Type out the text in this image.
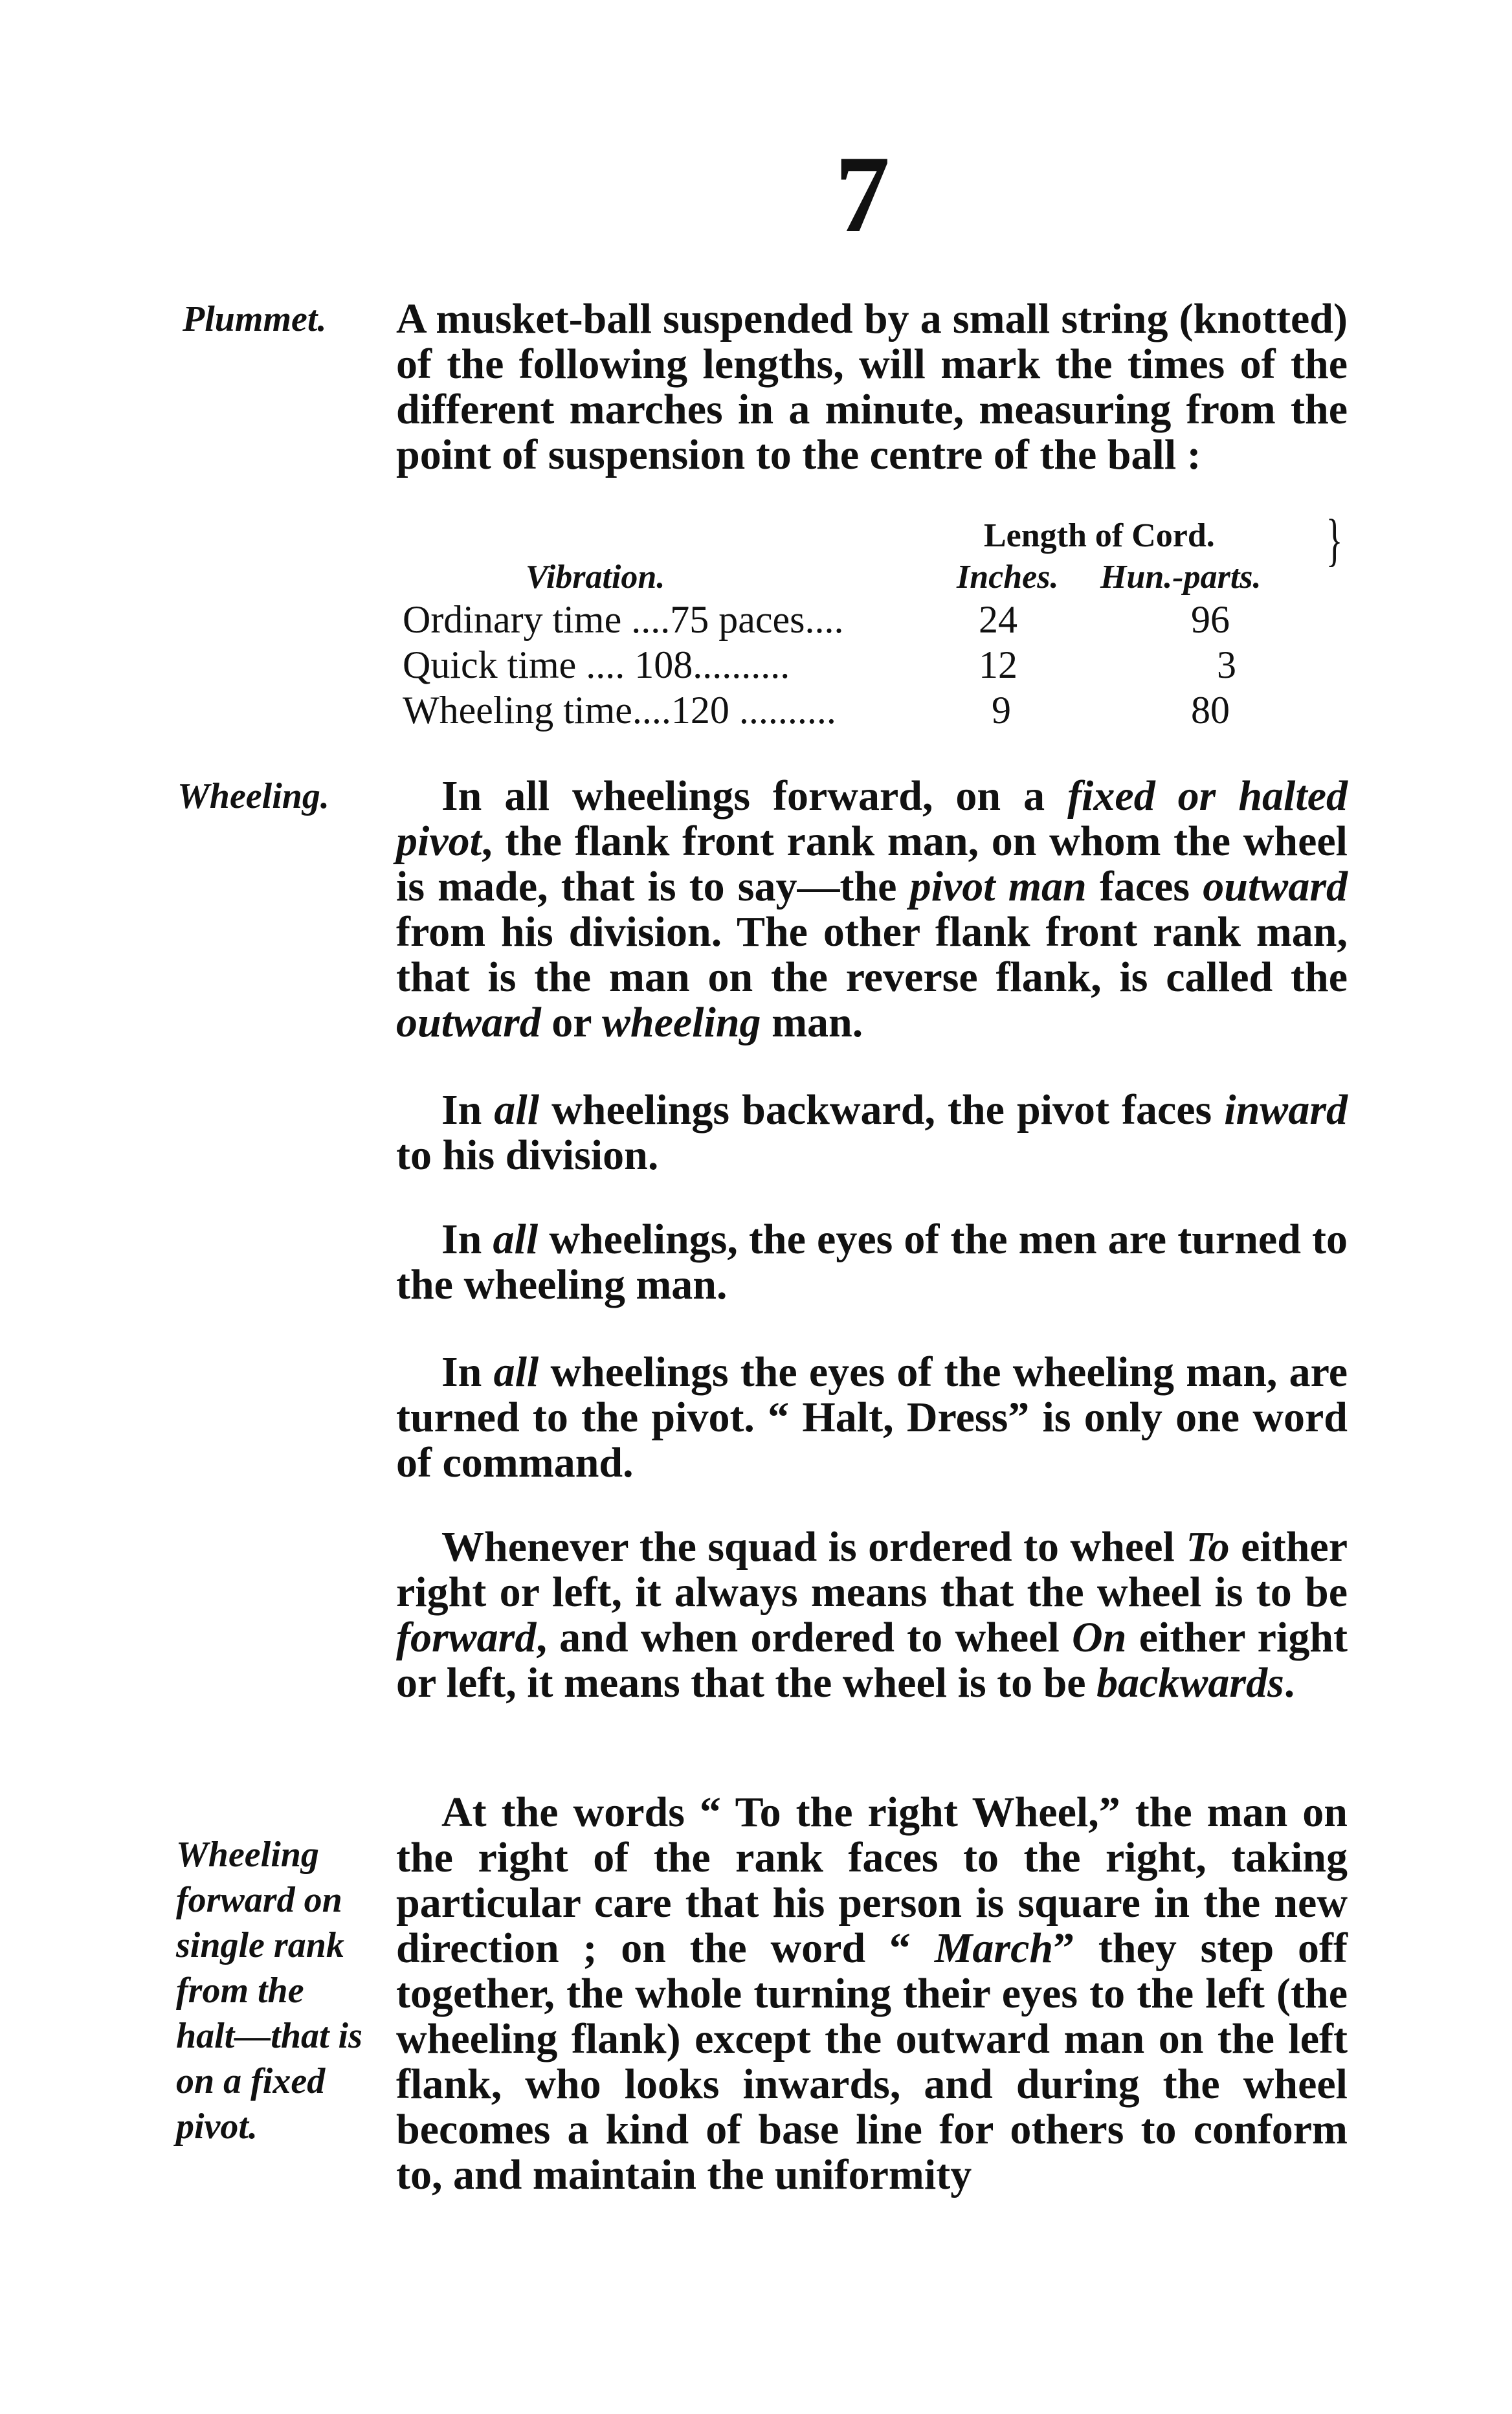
7
Plummet. A musket-ball suspended by a small string (knotted) of the following lengths, will mark the times of the different marches in a minute, measuring from the point of suspension to the centre of the ball :
}
Length of Cord.
Vibration.	Inches. Hun.-parts.
Ordinary time ....75 paces....	24	96
Quick time .... 108..........	12	3
Wheeling time....120 ..........	9	80
Wheeling.	In all wheelings forward, on a fixed or halted pivot, the flank front rank man, on whom the wheel is made, that is to say—the pivot man faces outward from his division. The other flank front rank man, that is the man on the reverse flank, is called the outward or wheeling man.
In all wheelings backward, the pivot faces inward to his division.
In all wheelings, the eyes of the men are turned to the wheeling man.
In all wheelings the eyes of the wheeling man, are turned to the pivot. “ Halt, Dress” is only one word of command.
Whenever the squad is ordered to wheel To either right or left, it always means that the wheel is to be forward, and when ordered to wheel On either right or left, it means that the wheel is to be backwards.
Wheeling
forward on
single rank
from the
halt—that is
on a fixed
pivot.
At the words “ To the right Wheel,” the man on the right of the rank faces to the right, taking particular care that his person is square in the new direction ; on the word “ March” they step off together, the whole turning their eyes to the left (the wheeling flank) except the outward man on the left flank, who looks inwards, and during the wheel becomes a kind of base line for others to conform to, and maintain the uniformity
